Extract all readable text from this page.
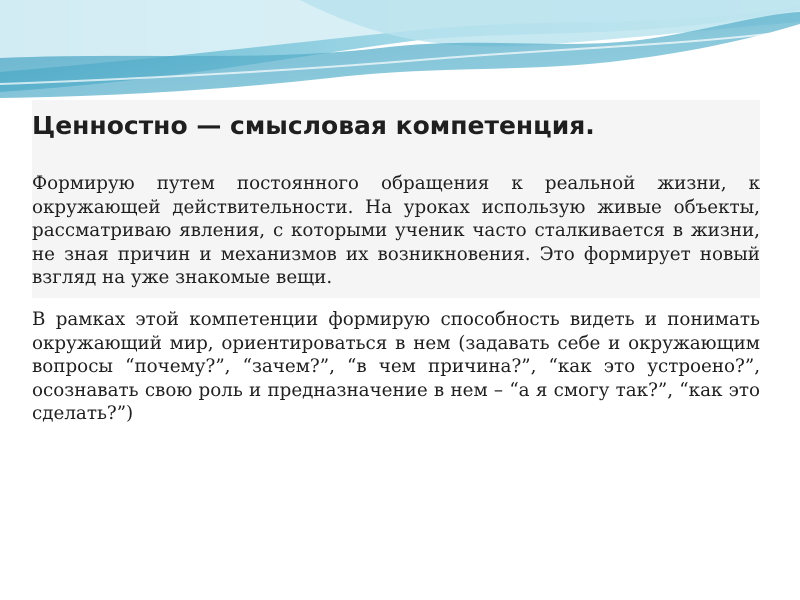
Ценностно — смысловая компетенция.

Формирую путем постоянного обращения к реальной жизни, к окружающей действительности. На уроках использую живые объекты, рассматриваю явления, с которыми ученик часто сталкивается в жизни, не зная причин и механизмов их возникновения. Это формирует новый взгляд на уже знакомые вещи.

В рамках этой компетенции формирую способность видеть и понимать окружающий мир, ориентироваться в нем (задавать себе и окружающим вопросы “почему?”, “зачем?”, “в чем причина?”, “как это устроено?”, осознавать свою роль и предназначение в нем – “а я смогу так?”, “как это сделать?”)
